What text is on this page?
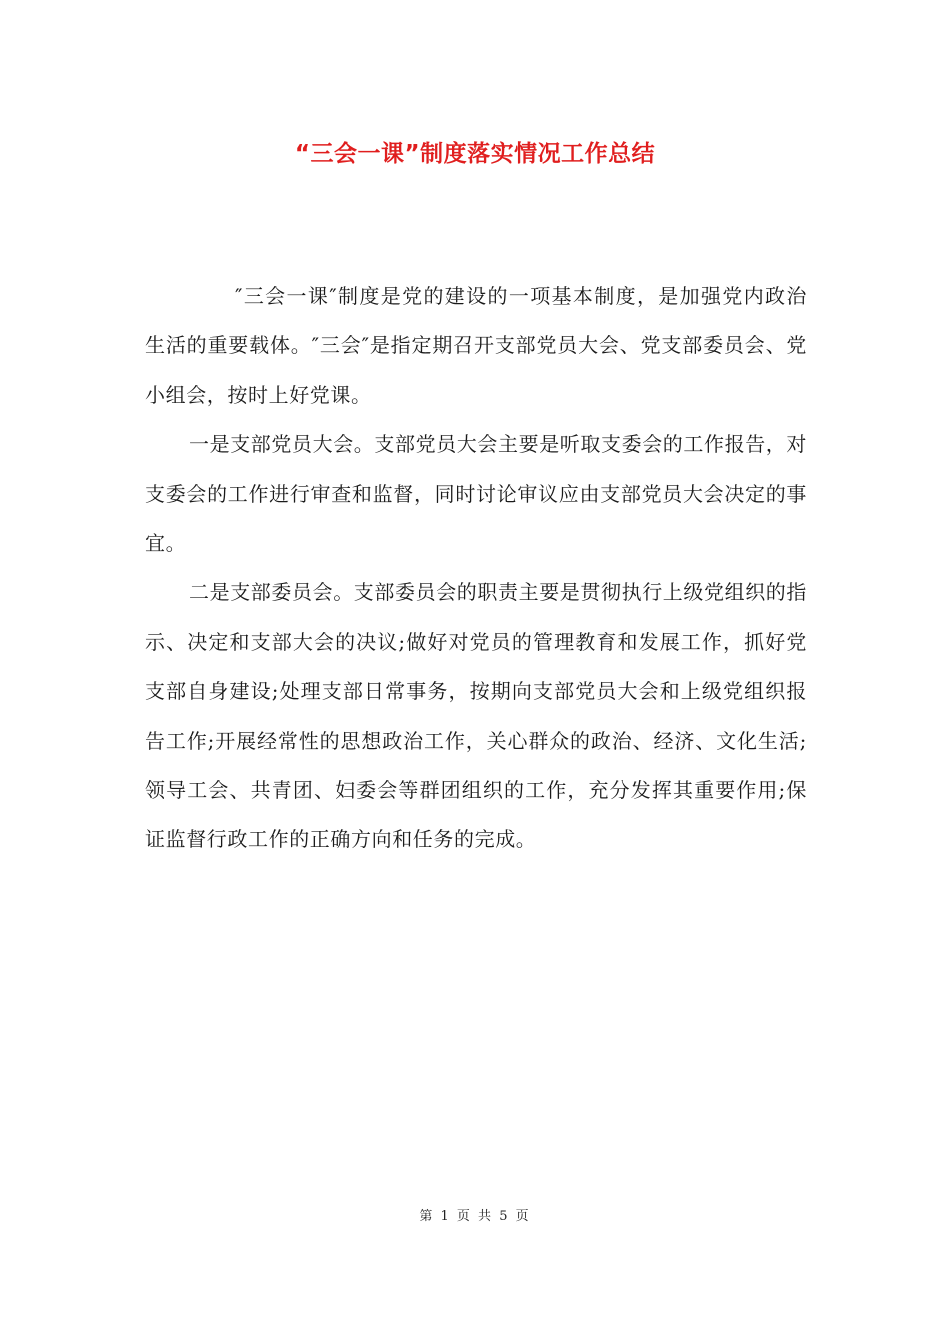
“三会一课”制度落实情况工作总结

″三会一课″制度是党的建设的一项基本制度，是加强党内政治生活的重要载体。″三会″是指定期召开支部党员大会、党支部委员会、党小组会，按时上好党课。

一是支部党员大会。支部党员大会主要是听取支委会的工作报告，对支委会的工作进行审查和监督，同时讨论审议应由支部党员大会决定的事宜。

二是支部委员会。支部委员会的职责主要是贯彻执行上级党组织的指示、决定和支部大会的决议;做好对党员的管理教育和发展工作，抓好党支部自身建设;处理支部日常事务，按期向支部党员大会和上级党组织报告工作;开展经常性的思想政治工作，关心群众的政治、经济、文化生活;领导工会、共青团、妇委会等群团组织的工作，充分发挥其重要作用;保证监督行政工作的正确方向和任务的完成。

第 1 页 共 5 页
